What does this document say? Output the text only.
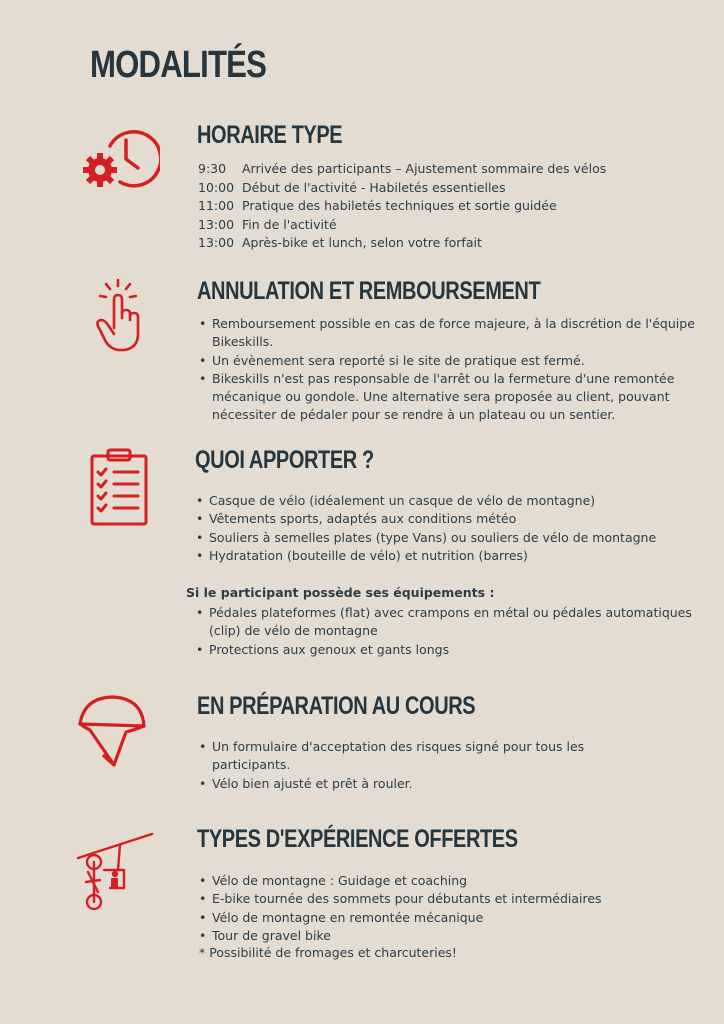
MODALITÉS
HORAIRE TYPE
9:30 Arrivée des participants – Ajustement sommaire des vélos
10:00 Début de l'activité - Habiletés essentielles
11:00 Pratique des habiletés techniques et sortie guidée
13:00 Fin de l'activité
13:00 Après-bike et lunch, selon votre forfait
ANNULATION ET REMBOURSEMENT
• Remboursement possible en cas de force majeure, à la discrétion de l'équipe Bikeskills.
• Un évènement sera reporté si le site de pratique est fermé.
• Bikeskills n'est pas responsable de l'arrêt ou la fermeture d'une remontée mécanique ou gondole. Une alternative sera proposée au client, pouvant nécessiter de pédaler pour se rendre à un plateau ou un sentier.
QUOI APPORTER ?
• Casque de vélo (idéalement un casque de vélo de montagne)
• Vêtements sports, adaptés aux conditions météo
• Souliers à semelles plates (type Vans) ou souliers de vélo de montagne
• Hydratation (bouteille de vélo) et nutrition (barres)
Si le participant possède ses équipements :
• Pédales plateformes (flat) avec crampons en métal ou pédales automatiques (clip) de vélo de montagne
• Protections aux genoux et gants longs
EN PRÉPARATION AU COURS
• Un formulaire d'acceptation des risques signé pour tous les participants.
• Vélo bien ajusté et prêt à rouler.
TYPES D'EXPÉRIENCE OFFERTES
• Vélo de montagne : Guidage et coaching
• E-bike tournée des sommets pour débutants et intermédiaires
• Vélo de montagne en remontée mécanique
• Tour de gravel bike
* Possibilité de fromages et charcuteries!
